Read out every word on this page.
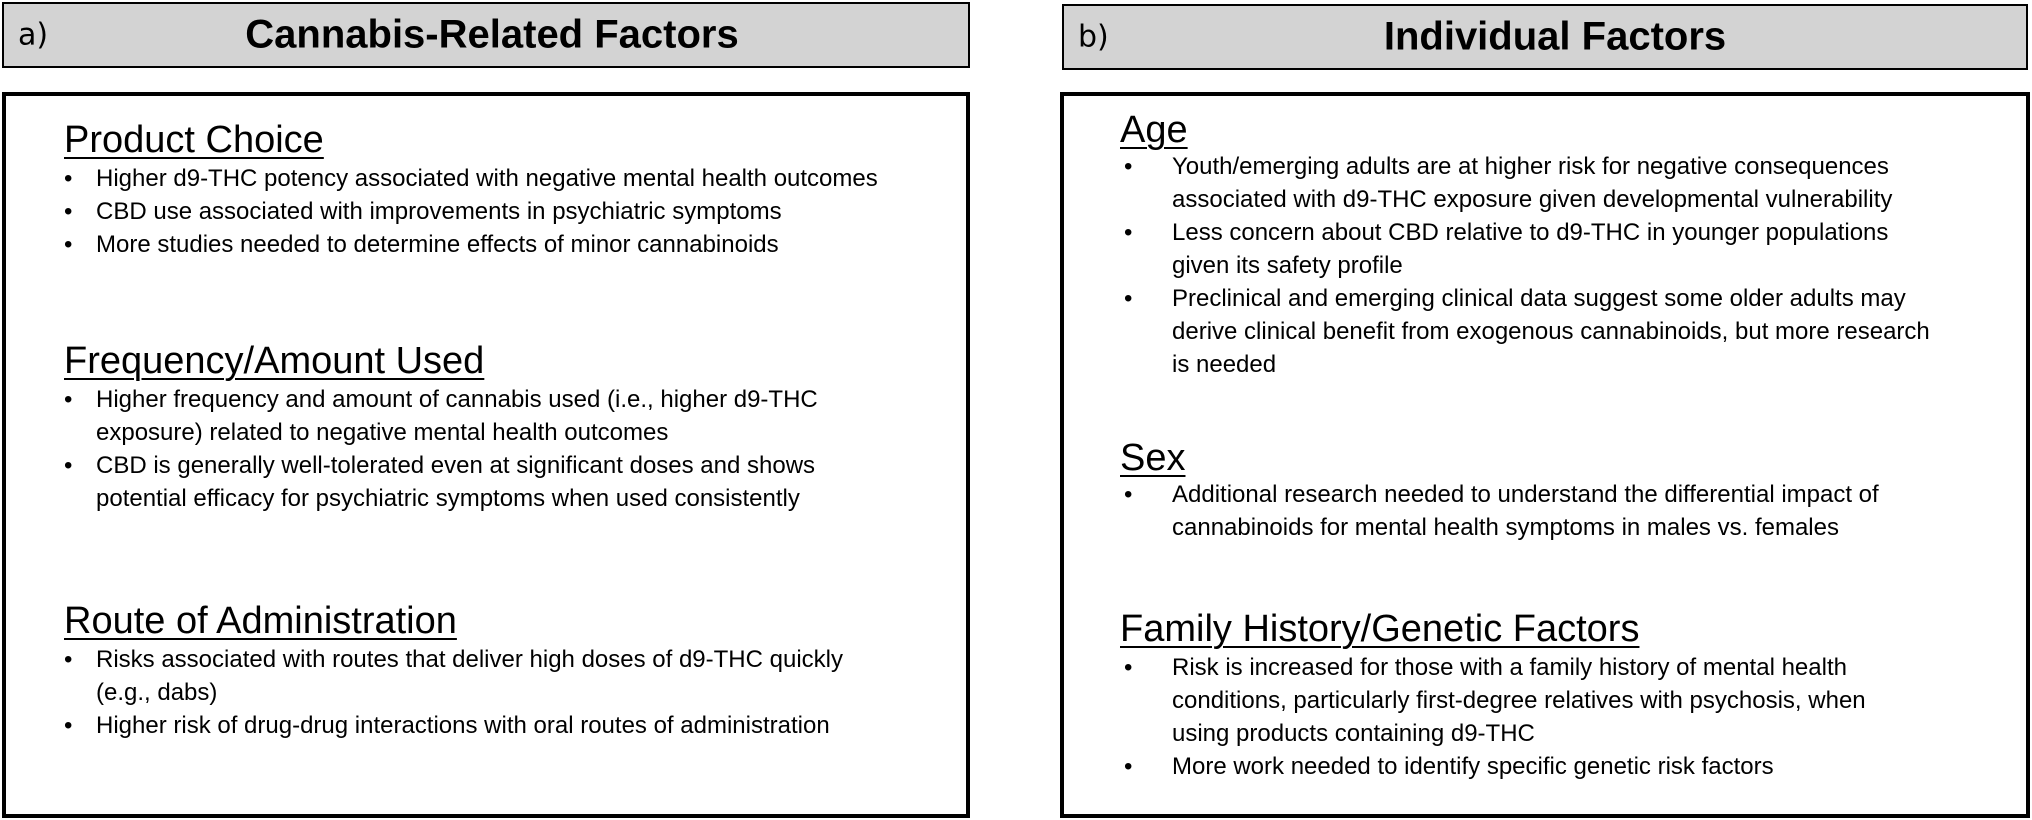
a)	Cannabis-Related Factors	b)	Individual Factors
Product Choice
• Higher d9-THC potency associated with negative mental health outcomes
• CBD use associated with improvements in psychiatric symptoms
• More studies needed to determine effects of minor cannabinoids
Frequency/Amount Used
• Higher frequency and amount of cannabis used (i.e., higher d9-THC exposure) related to negative mental health outcomes
• CBD is generally well-tolerated even at significant doses and shows potential efficacy for psychiatric symptoms when used consistently
Route of Administration
• Risks associated with routes that deliver high doses of d9-THC quickly (e.g., dabs)
• Higher risk of drug-drug interactions with oral routes of administration
Age
• Youth/emerging adults are at higher risk for negative consequences associated with d9-THC exposure given developmental vulnerability
• Less concern about CBD relative to d9-THC in younger populations given its safety profile
• Preclinical and emerging clinical data suggest some older adults may derive clinical benefit from exogenous cannabinoids, but more research is needed
Sex
• Additional research needed to understand the differential impact of cannabinoids for mental health symptoms in males vs. females
Family History/Genetic Factors
• Risk is increased for those with a family history of mental health conditions, particularly first-degree relatives with psychosis, when using products containing d9-THC
• More work needed to identify specific genetic risk factors
